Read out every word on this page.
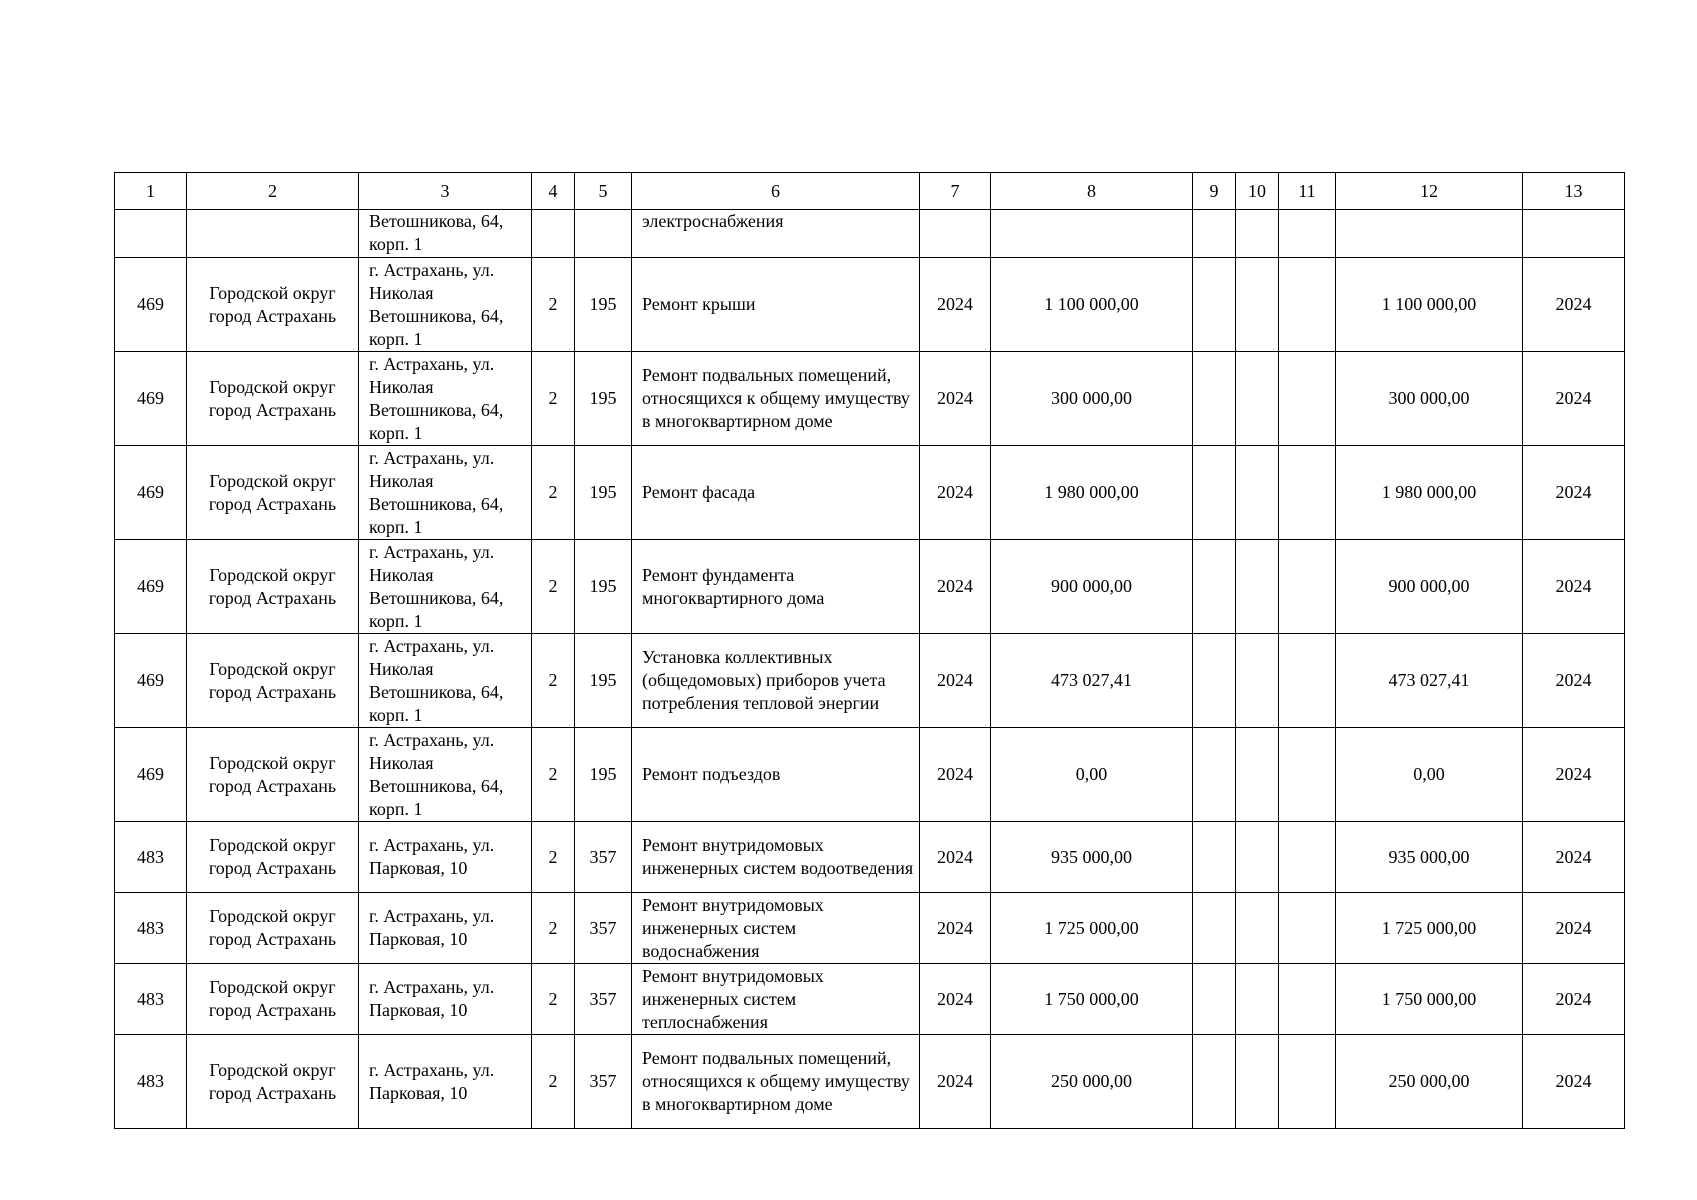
1	2	3	4	5	6	7	8	9	10	11	12	13
		Ветошникова, 64, корп. 1			электроснабжения							
469	Городской округ город Астрахань	г. Астрахань, ул. Николая Ветошникова, 64, корп. 1	2	195	Ремонт крыши	2024	1 100 000,00				1 100 000,00	2024
469	Городской округ город Астрахань	г. Астрахань, ул. Николая Ветошникова, 64, корп. 1	2	195	Ремонт подвальных помещений, относящихся к общему имуществу в многоквартирном доме	2024	300 000,00				300 000,00	2024
469	Городской округ город Астрахань	г. Астрахань, ул. Николая Ветошникова, 64, корп. 1	2	195	Ремонт фасада	2024	1 980 000,00				1 980 000,00	2024
469	Городской округ город Астрахань	г. Астрахань, ул. Николая Ветошникова, 64, корп. 1	2	195	Ремонт фундамента многоквартирного дома	2024	900 000,00				900 000,00	2024
469	Городской округ город Астрахань	г. Астрахань, ул. Николая Ветошникова, 64, корп. 1	2	195	Установка коллективных (общедомовых) приборов учета потребления тепловой энергии	2024	473 027,41				473 027,41	2024
469	Городской округ город Астрахань	г. Астрахань, ул. Николая Ветошникова, 64, корп. 1	2	195	Ремонт подъездов	2024	0,00				0,00	2024
483	Городской округ город Астрахань	г. Астрахань, ул. Парковая, 10	2	357	Ремонт внутридомовых инженерных систем водоотведения	2024	935 000,00				935 000,00	2024
483	Городской округ город Астрахань	г. Астрахань, ул. Парковая, 10	2	357	Ремонт внутридомовых инженерных систем водоснабжения	2024	1 725 000,00				1 725 000,00	2024
483	Городской округ город Астрахань	г. Астрахань, ул. Парковая, 10	2	357	Ремонт внутридомовых инженерных систем теплоснабжения	2024	1 750 000,00				1 750 000,00	2024
483	Городской округ город Астрахань	г. Астрахань, ул. Парковая, 10	2	357	Ремонт подвальных помещений, относящихся к общему имуществу в многоквартирном доме	2024	250 000,00				250 000,00	2024
